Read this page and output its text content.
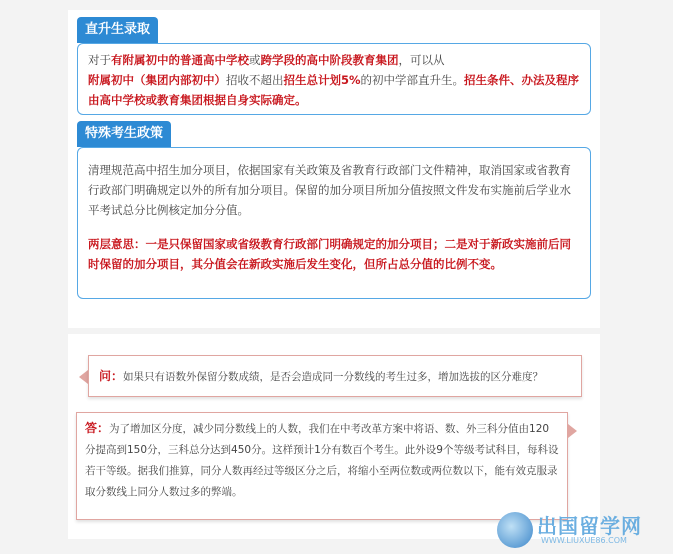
直升生录取
对于有附属初中的普通高中学校或跨学段的高中阶段教育集团，可以从附属初中（集团内部初中）招收不超出招生总计划5%的初中学部直升生。招生条件、办法及程序由高中学校或教育集团根据自身实际确定。
特殊考生政策
清理规范高中招生加分项目，依据国家有关政策及省教育行政部门文件精神，取消国家或省教育行政部门明确规定以外的所有加分项目。保留的加分项目所加分值按照文件发布实施前后学业水平考试总分比例核定加分分值。
两层意思：一是只保留国家或省级教育行政部门明确规定的加分项目；二是对于新政实施前后同时保留的加分项目，其分值会在新政实施后发生变化，但所占总分值的比例不变。
问：如果只有语数外保留分数成绩，是否会造成同一分数线的考生过多，增加选拔的区分难度？
答：为了增加区分度，减少同分数线上的人数，我们在中考改革方案中将语、数、外三科分值由120分提高到150分，三科总分达到450分。这样预计1分有数百个考生。此外设9个等级考试科目，每科设若干等级。据我们推算，同分人数再经过等级区分之后，将缩小至两位数或两位数以下，能有效克服录取分数线上同分人数过多的弊端。
出国留学网
WWW.LIUXUE86.COM
